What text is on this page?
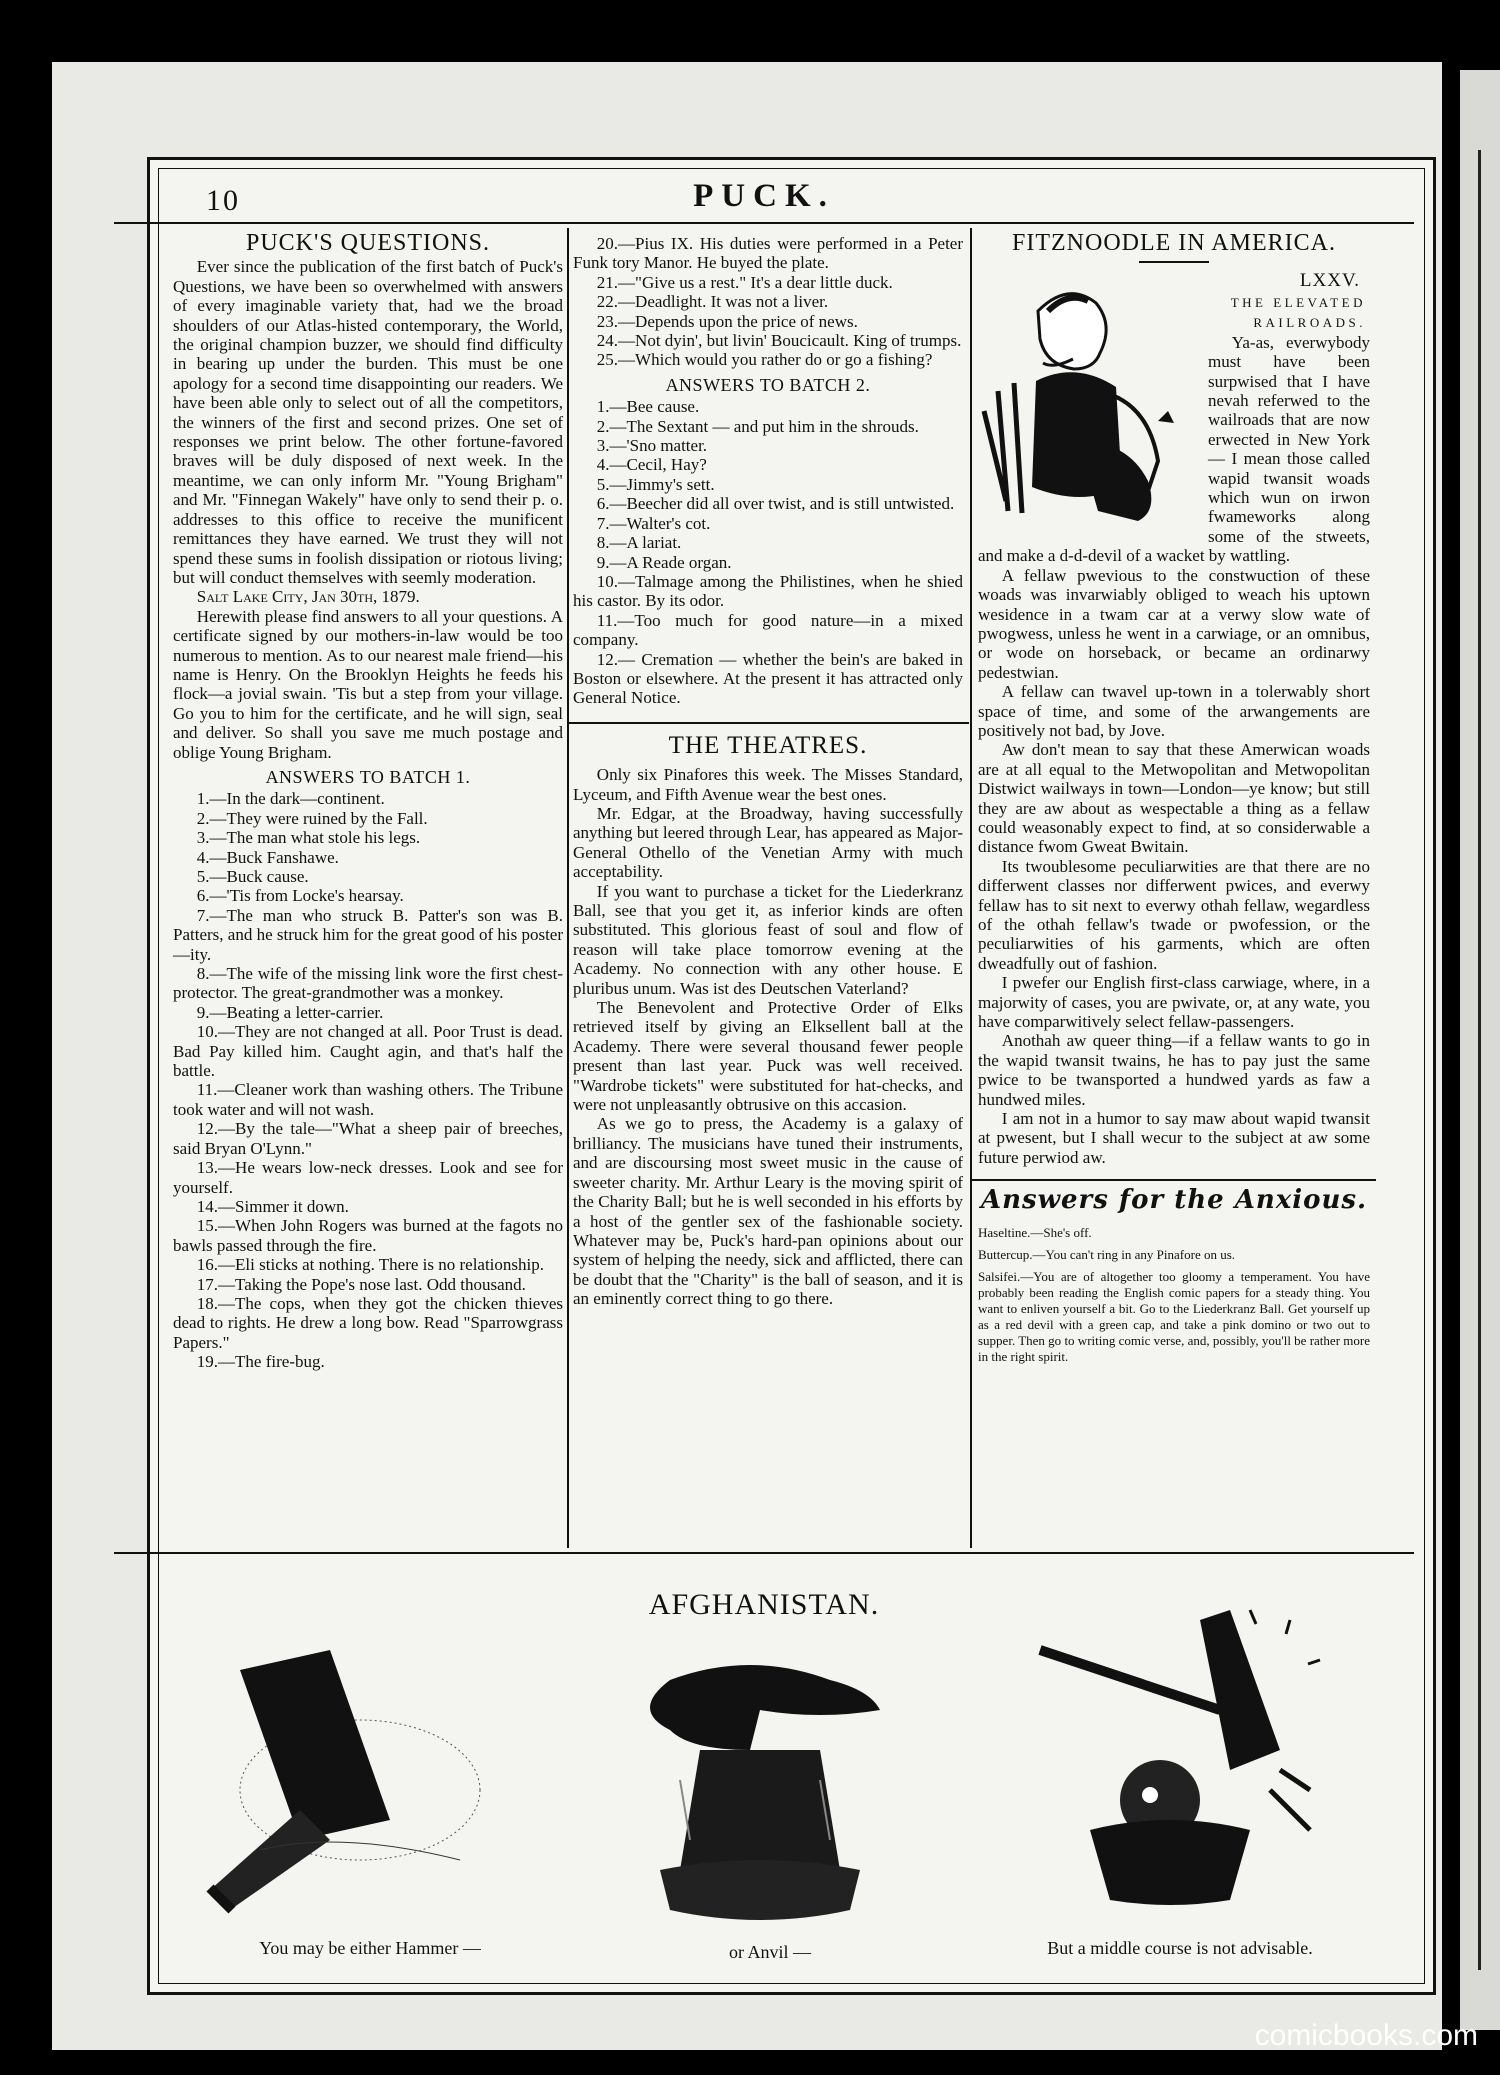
10	PUCK.
PUCK'S QUESTIONS.

Ever since the publication of the first batch of Puck's Questions, we have been so overwhelmed with answers of every imaginable variety that, had we the broad shoulders of our Atlas-histed contemporary, the World, the original champion buzzer, we should find difficulty in bearing up under the burden. This must be one apology for a second time disappointing our readers. We have been able only to select out of all the competitors, the winners of the first and second prizes. One set of responses we print below. The other fortune-favored braves will be duly disposed of next week. In the meantime, we can only inform Mr. "Young Brigham" and Mr. "Finnegan Wakely" have only to send their p. o. addresses to this office to receive the munificent remittances they have earned. We trust they will not spend these sums in foolish dissipation or riotous living; but will conduct themselves with seemly moderation.

Salt Lake City, Jan 30th, 1879.

Herewith please find answers to all your questions. A certificate signed by our mothers-in-law would be too numerous to mention. As to our nearest male friend—his name is Henry. On the Brooklyn Heights he feeds his flock—a jovial swain. 'Tis but a step from your village. Go you to him for the certificate, and he will sign, seal and deliver. So shall you save me much postage and oblige Young Brigham.

ANSWERS TO BATCH 1.

1.—In the dark—continent.

2.—They were ruined by the Fall.

3.—The man what stole his legs.

4.—Buck Fanshawe.

5.—Buck cause.

6.—'Tis from Locke's hearsay.

7.—The man who struck B. Patter's son was B. Patters, and he struck him for the great good of his poster—ity.

8.—The wife of the missing link wore the first chest-protector. The great-grandmother was a monkey.

9.—Beating a letter-carrier.

10.—They are not changed at all. Poor Trust is dead. Bad Pay killed him. Caught agin, and that's half the battle.

11.—Cleaner work than washing others. The Tribune took water and will not wash.

12.—By the tale—"What a sheep pair of breeches, said Bryan O'Lynn."

13.—He wears low-neck dresses. Look and see for yourself.

14.—Simmer it down.

15.—When John Rogers was burned at the fagots no bawls passed through the fire.

16.—Eli sticks at nothing. There is no relationship.

17.—Taking the Pope's nose last. Odd thousand.

18.—The cops, when they got the chicken thieves dead to rights. He drew a long bow. Read "Sparrowgrass Papers."

19.—The fire-bug.

20.—Pius IX. His duties were performed in a Peter Funk tory Manor. He buyed the plate.

21.—"Give us a rest." It's a dear little duck.

22.—Deadlight. It was not a liver.

23.—Depends upon the price of news.

24.—Not dyin', but livin' Boucicault. King of trumps.

25.—Which would you rather do or go a fishing?

ANSWERS TO BATCH 2.

1.—Bee cause.

2.—The Sextant — and put him in the shrouds.

3.—'Sno matter.

4.—Cecil, Hay?

5.—Jimmy's sett.

6.—Beecher did all over twist, and is still untwisted.

7.—Walter's cot.

8.—A lariat.

9.—A Reade organ.

10.—Talmage among the Philistines, when he shied his castor. By its odor.

11.—Too much for good nature—in a mixed company.

12.— Cremation — whether the bein's are baked in Boston or elsewhere. At the present it has attracted only General Notice.

THE THEATRES.

Only six Pinafores this week. The Misses Standard, Lyceum, and Fifth Avenue wear the best ones.

Mr. Edgar, at the Broadway, having successfully anything but leered through Lear, has appeared as Major-General Othello of the Venetian Army with much acceptability.

If you want to purchase a ticket for the Liederkranz Ball, see that you get it, as inferior kinds are often substituted. This glorious feast of soul and flow of reason will take place tomorrow evening at the Academy. No connection with any other house. E pluribus unum. Was ist des Deutschen Vaterland?

The Benevolent and Protective Order of Elks retrieved itself by giving an Elksellent ball at the Academy. There were several thousand fewer people present than last year. Puck was well received. "Wardrobe tickets" were substituted for hat-checks, and were not unpleasantly obtrusive on this accasion.

As we go to press, the Academy is a galaxy of brilliancy. The musicians have tuned their instruments, and are discoursing most sweet music in the cause of sweeter charity. Mr. Arthur Leary is the moving spirit of the Charity Ball; but he is well seconded in his efforts by a host of the gentler sex of the fashionable society. Whatever may be, Puck's hard-pan opinions about our system of helping the needy, sick and afflicted, there can be doubt that the "Charity" is the ball of season, and it is an eminently correct thing to go there.

FITZNOODLE IN AMERICA.
LXXV.
THE ELEVATED
RAILROADS.

Ya-as, everwybody must have been surpwised that I have nevah referwed to the wailroads that are now erwected in New York — I mean those called wapid twansit woads which wun on irwon fwameworks along some of the stweets, and make a d-d-devil of a wacket by wattling.

A fellaw pwevious to the constwuction of these woads was invarwiably obliged to weach his uptown wesidence in a twam car at a verwy slow wate of pwogwess, unless he went in a carwiage, or an omnibus, or wode on horseback, or became an ordinarwy pedestwian.

A fellaw can twavel up-town in a tolerwably short space of time, and some of the arwangements are positively not bad, by Jove.

Aw don't mean to say that these Amerwican woads are at all equal to the Metwopolitan and Metwopolitan Distwict wailways in town—London—ye know; but still they are aw about as wespectable a thing as a fellaw could weasonably expect to find, at so considerwable a distance fwom Gweat Bwitain.

Its twoublesome peculiarwities are that there are no differwent classes nor differwent pwices, and everwy fellaw has to sit next to everwy othah fellaw, wegardless of the othah fellaw's twade or pwofession, or the peculiarwities of his garments, which are often dweadfully out of fashion.

I pwefer our English first-class carwiage, where, in a majorwity of cases, you are pwivate, or, at any wate, you have comparwitively select fellaw-passengers.

Anothah aw queer thing—if a fellaw wants to go in the wapid twansit twains, he has to pay just the same pwice to be twansported a hundwed yards as faw a hundwed miles.

I am not in a humor to say maw about wapid twansit at pwesent, but I shall wecur to the subject at aw some future perwiod aw.

Answers for the Anxious.

Haseltine.—She's off.

Buttercup.—You can't ring in any Pinafore on us.

Salsifei.—You are of altogether too gloomy a temperament. You have probably been reading the English comic papers for a steady thing. You want to enliven yourself a bit. Go to the Liederkranz Ball. Get yourself up as a red devil with a green cap, and take a pink domino or two out to supper. Then go to writing comic verse, and, possibly, you'll be rather more in the right spirit.

AFGHANISTAN.
You may be either Hammer —	or Anvil —	But a middle course is not advisable.
comicbooks.com
